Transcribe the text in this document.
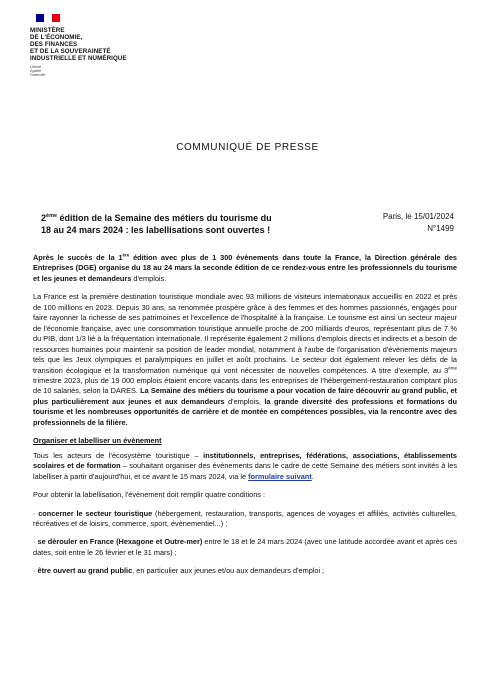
MINISTÈRE
DE L'ÉCONOMIE,
DES FINANCES
ET DE LA SOUVERAINETÉ
INDUSTRIELLE ET NUMÉRIQUE
Liberté
Égalité
Fraternité
COMMUNIQUÉ DE PRESSE
2ème édition de la Semaine des métiers du tourisme du 18 au 24 mars 2024 : les labellisations sont ouvertes !
Paris, le 15/01/2024
N°1499

Après le succès de la 1ère édition avec plus de 1 300 évènements dans toute la France, la Direction générale des Entreprises (DGE) organise du 18 au 24 mars la seconde édition de ce rendez-vous entre les professionnels du tourisme et les jeunes et demandeurs d'emplois.

La France est la première destination touristique mondiale avec 93 millions de visiteurs internationaux accueillis en 2022 et près de 100 millions en 2023. Depuis 30 ans, sa renommée prospère grâce à des femmes et des hommes passionnés, engagés pour faire rayonner la richesse de ses patrimoines et l'excellence de l'hospitalité à la française. Le tourisme est ainsi un secteur majeur de l'économie française, avec une consommation touristique annuelle proche de 200 milliards d'euros, représentant plus de 7 % du PIB, dont 1/3 lié à la fréquentation internationale. Il représente également 2 millions d'emplois directs et indirects et a besoin de ressources humaines pour maintenir sa position de leader mondial, notamment à l'aube de l'organisation d'évènements majeurs tels que les Jeux olympiques et paralympiques en juillet et août prochains. Le secteur doit également relever les défis de la transition écologique et la transformation numérique qui vont nécessiter de nouvelles compétences. A titre d'exemple, au 3ème trimestre 2023, plus de 19 000 emplois étaient encore vacants dans les entreprises de l'hébergement-restauration comptant plus de 10 salariés, selon la DARES. La Semaine des métiers du tourisme a pour vocation de faire découvrir au grand public, et plus particulièrement aux jeunes et aux demandeurs d'emplois, la grande diversité des professions et formations du tourisme et les nombreuses opportunités de carrière et de montée en compétences possibles, via la rencontre avec des professionnels de la filière.

Organiser et labelliser un évènement

Tous les acteurs de l'écosystème touristique – institutionnels, entreprises, fédérations, associations, établissements scolaires et de formation – souhaitant organiser des évènements dans le cadre de cette Semaine des métiers sont invités à les labelliser à partir d'aujourd'hui, et ce avant le 15 mars 2024, via le formulaire suivant.

Pour obtenir la labellisation, l'évènement doit remplir quatre conditions :

· concerner le secteur touristique (hébergement, restauration, transports, agences de voyages et affiliés, activités culturelles, récréatives et de loisirs, commerce, sport, évènementiel...) ;

· se dérouler en France (Hexagone et Outre-mer) entre le 18 et le 24 mars 2024 (avec une latitude accordée avant et après ces dates, soit entre le 26 février et le 31 mars) ;

· être ouvert au grand public, en particulier aux jeunes et/ou aux demandeurs d'emploi ;
